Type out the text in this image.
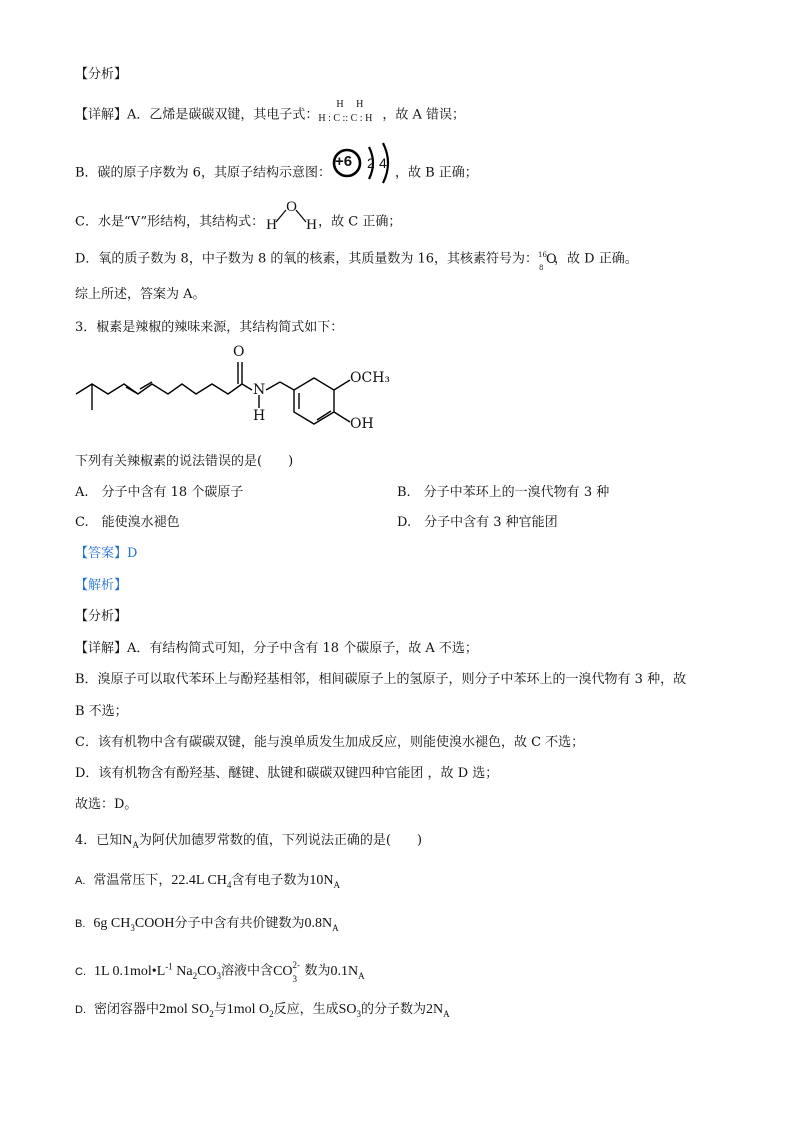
【分析】
【详解】A．乙烯是碳碳双键，其电子式：
H H
H : C :: C : H ，故 A 错误；
B．碳的原子序数为 6，其原子结构示意图：
+6 2 4
，故 B 正确；
C．水是“V”形结构，其结构式： H
O
H ，故 C 正确；
D．氧的质子数为 8，中子数为 8 的氧的核素，其质量数为 16，其核素符号为： 16
8
O
，故 D 正确。
综上所述，答案为 A。
3．椒素是辣椒的辣味来源，其结构简式如下：
O
N
H
OCH₃
OH
下列有关辣椒素的说法错误的是(　　)
A.　分子中含有 18 个碳原子	B.　分子中苯环上的一溴代物有 3 种
C.　能使溴水褪色	D.　分子中含有 3 种官能团
【答案】D
【解析】
【分析】
【详解】A．有结构简式可知，分子中含有 18 个碳原子，故 A 不选；
B．溴原子可以取代苯环上与酚羟基相邻，相间碳原子上的氢原子，则分子中苯环上的一溴代物有 3 种，故
B 不选；
C．该有机物中含有碳碳双键，能与溴单质发生加成反应，则能使溴水褪色，故 C 不选；
D．该有机物含有酚羟基、醚键、肽键和碳碳双键四种官能团 ，故 D 选；
故选：D。
4．已知$N_A$为阿伏加德罗常数的值，下列说法正确的是(　　)
A. 常温常压下，22.4L $CH_4$含有电子数为$10N_A$
B. 6g $CH_3COOH$分子中含有共价键数为$0.8N_A$
C. 1L $0.1mol•L^{-1}$ $Na_2CO_3$溶液中含CO 2-
3
数为$0.1N_A$
D. 密闭容器中2mol $SO_2$与1mol $O_2$反应，生成$SO_3$的分子数为$2N_A$
